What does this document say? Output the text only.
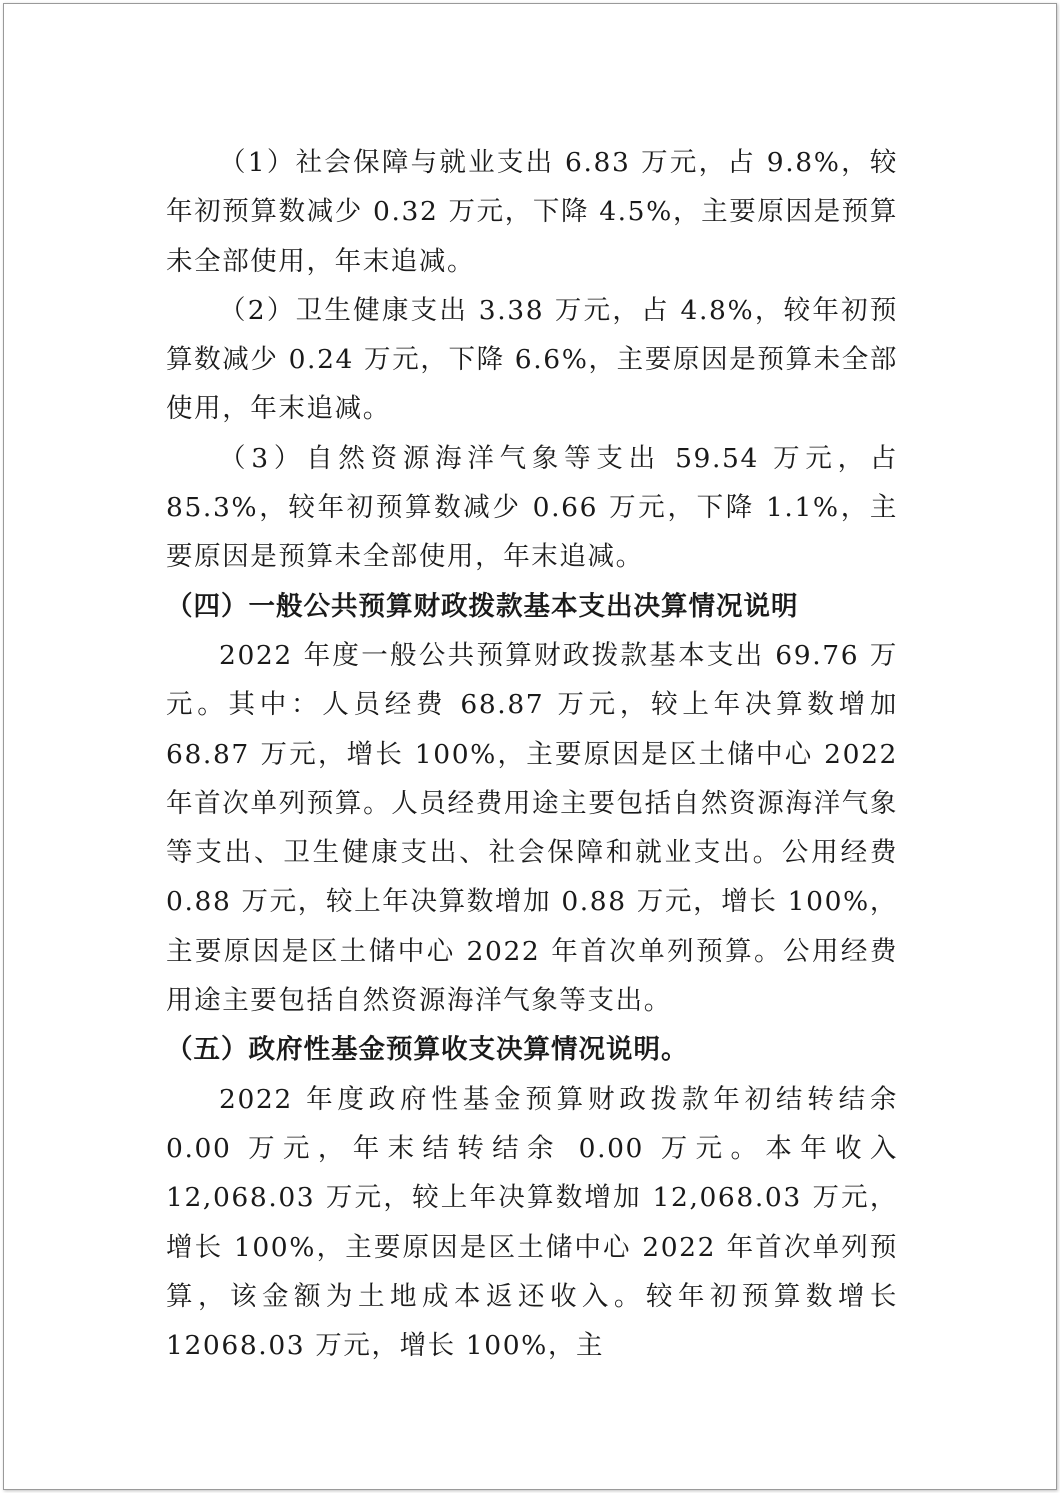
（1）社会保障与就业支出 6.83 万元，占 9.8%，较年初预算数减少 0.32 万元，下降 4.5%，主要原因是预算未全部使用，年末追减。

（2）卫生健康支出 3.38 万元，占 4.8%，较年初预算数减少 0.24 万元，下降 6.6%，主要原因是预算未全部使用，年末追减。

（3）自然资源海洋气象等支出 59.54 万元，占 85.3%，较年初预算数减少 0.66 万元，下降 1.1%，主要原因是预算未全部使用，年末追减。

（四）一般公共预算财政拨款基本支出决算情况说明

2022 年度一般公共预算财政拨款基本支出 69.76 万元。其中：人员经费 68.87 万元，较上年决算数增加 68.87 万元，增长 100%，主要原因是区土储中心 2022 年首次单列预算。人员经费用途主要包括自然资源海洋气象等支出、卫生健康支出、社会保障和就业支出。公用经费 0.88 万元，较上年决算数增加 0.88 万元，增长 100%，主要原因是区土储中心 2022 年首次单列预算。公用经费用途主要包括自然资源海洋气象等支出。

（五）政府性基金预算收支决算情况说明。

2022 年度政府性基金预算财政拨款年初结转结余 0.00 万元，年末结转结余 0.00 万元。本年收入 12,068.03 万元，较上年决算数增加 12,068.03 万元，增长 100%，主要原因是区土储中心 2022 年首次单列预算，该金额为土地成本返还收入。较年初预算数增长 12068.03 万元，增长 100%，主
